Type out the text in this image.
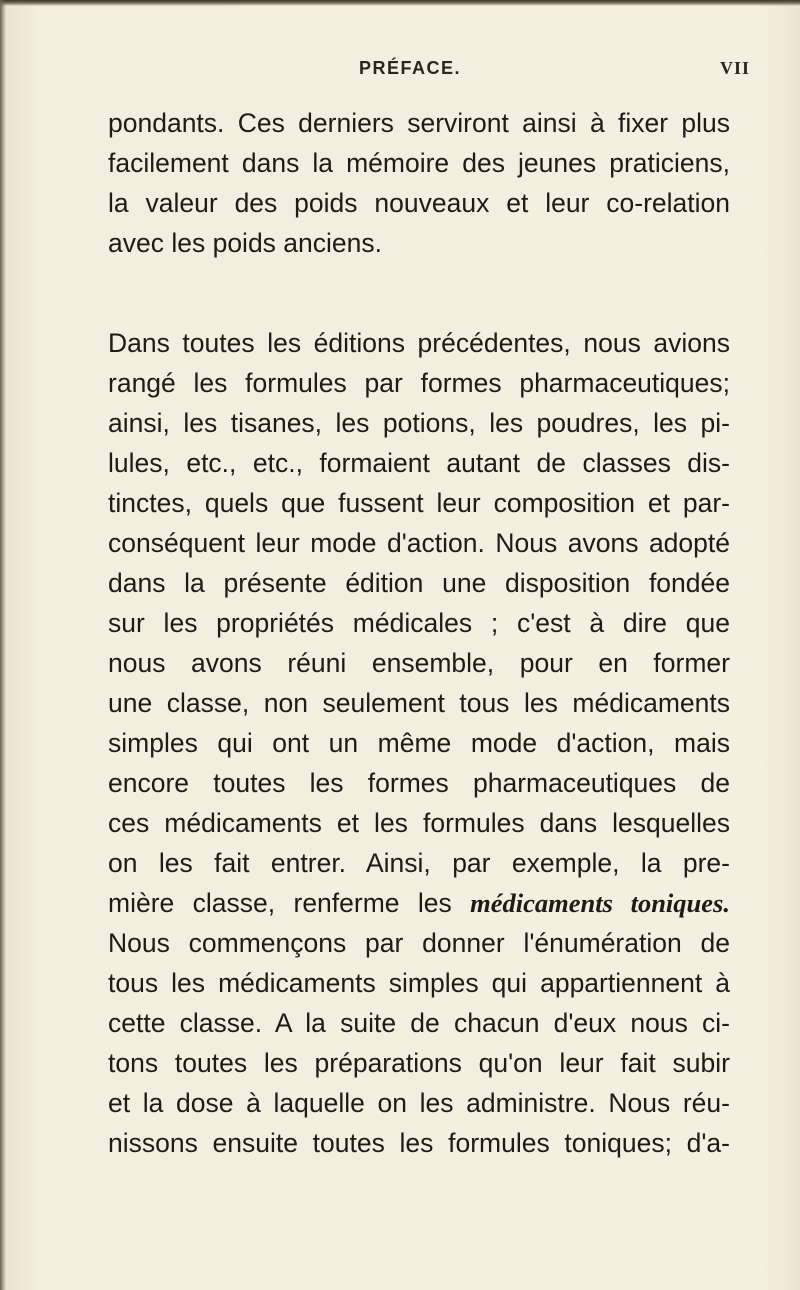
PRÉFACE.	VII
pondants. Ces derniers serviront ainsi à fixer plus
facilement dans la mémoire des jeunes praticiens,
la valeur des poids nouveaux et leur co-relation
avec les poids anciens.
Dans toutes les éditions précédentes, nous avions
rangé les formules par formes pharmaceutiques;
ainsi, les tisanes, les potions, les poudres, les pi-
lules, etc., etc., formaient autant de classes dis-
tinctes, quels que fussent leur composition et par-
conséquent leur mode d'action. Nous avons adopté
dans la présente édition une disposition fondée
sur les propriétés médicales ; c'est à dire que
nous avons réuni ensemble, pour en former
une classe, non seulement tous les médicaments
simples qui ont un même mode d'action, mais
encore toutes les formes pharmaceutiques de
ces médicaments et les formules dans lesquelles
on les fait entrer. Ainsi, par exemple, la pre-
mière classe, renferme les médicaments toniques.
Nous commençons par donner l'énumération de
tous les médicaments simples qui appartiennent à
cette classe. A la suite de chacun d'eux nous ci-
tons toutes les préparations qu'on leur fait subir
et la dose à laquelle on les administre. Nous réu-
nissons ensuite toutes les formules toniques; d'a-
